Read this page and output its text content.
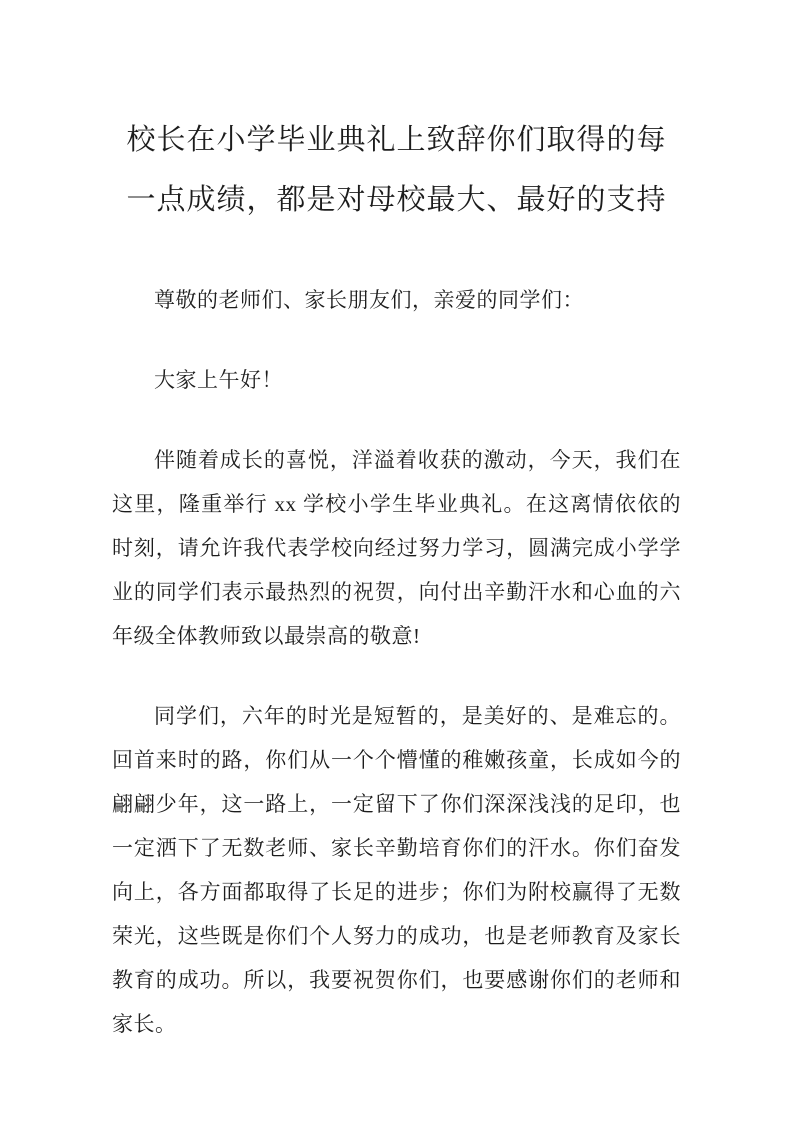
校长在小学毕业典礼上致辞你们取得的每一点成绩，都是对母校最大、最好的支持

尊敬的老师们、家长朋友们，亲爱的同学们：

大家上午好！

伴随着成长的喜悦，洋溢着收获的激动，今天，我们在这里，隆重举行 xx 学校小学生毕业典礼。在这离情依依的时刻，请允许我代表学校向经过努力学习，圆满完成小学学业的同学们表示最热烈的祝贺，向付出辛勤汗水和心血的六年级全体教师致以最崇高的敬意!

同学们，六年的时光是短暂的，是美好的、是难忘的。回首来时的路，你们从一个个懵懂的稚嫩孩童，长成如今的翩翩少年，这一路上，一定留下了你们深深浅浅的足印，也一定洒下了无数老师、家长辛勤培育你们的汗水。你们奋发向上，各方面都取得了长足的进步；你们为附校赢得了无数荣光，这些既是你们个人努力的成功，也是老师教育及家长教育的成功。所以，我要祝贺你们，也要感谢你们的老师和家长。
